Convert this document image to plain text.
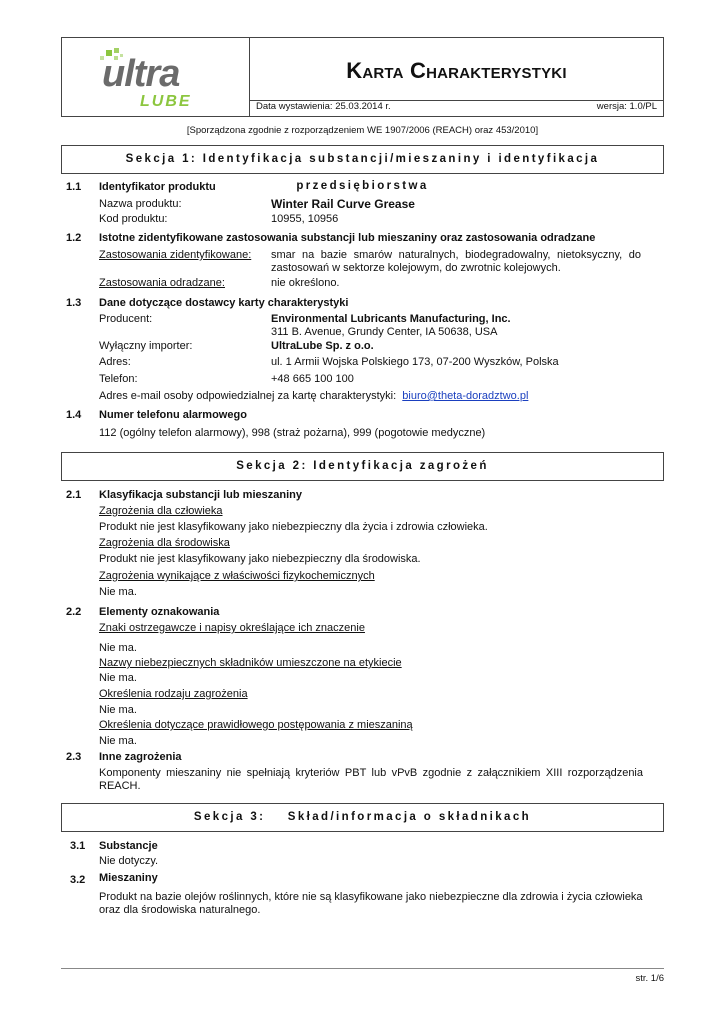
ultra
LUBE
Karta Charakterystyki
Data wystawienia: 25.03.2014 r.	wersja: 1.0/PL
[Sporządzona zgodnie z rozporządzeniem WE 1907/2006 (REACH) oraz 453/2010]
Sekcja 1: Identyfikacja substancji/mieszaniny i identyfikacja przedsiębiorstwa
1.1 Identyfikator produktu
Nazwa produktu:	Winter Rail Curve Grease
Kod produktu:	10955, 10956
1.2 Istotne zidentyfikowane zastosowania substancji lub mieszaniny oraz zastosowania odradzane
Zastosowania zidentyfikowane: smar na bazie smarów naturalnych, biodegradowalny, nietoksyczny, do
zastosowań w sektorze kolejowym, do zwrotnic kolejowych.
Zastosowania odradzane:	nie określono.
1.3 Dane dotyczące dostawcy karty charakterystyki
Producent:	Environmental Lubricants Manufacturing, Inc.
311 B. Avenue, Grundy Center, IA 50638, USA
Wyłączny importer:	UltraLube Sp. z o.o.
Adres:	ul. 1 Armii Wojska Polskiego 173, 07-200 Wyszków, Polska
Telefon:	+48 665 100 100
Adres e-mail osoby odpowiedzialnej za kartę charakterystyki: biuro@theta-doradztwo.pl
1.4 Numer telefonu alarmowego
112 (ogólny telefon alarmowy), 998 (straż pożarna), 999 (pogotowie medyczne)
Sekcja 2: Identyfikacja zagrożeń
2.1 Klasyfikacja substancji lub mieszaniny
Zagrożenia dla człowieka
Produkt nie jest klasyfikowany jako niebezpieczny dla życia i zdrowia człowieka.
Zagrożenia dla środowiska
Produkt nie jest klasyfikowany jako niebezpieczny dla środowiska.
Zagrożenia wynikające z właściwości fizykochemicznych
Nie ma.
2.2 Elementy oznakowania
Znaki ostrzegawcze i napisy określające ich znaczenie
Nie ma.
Nazwy niebezpiecznych składników umieszczone na etykiecie
Nie ma.
Określenia rodzaju zagrożenia
Nie ma.
Określenia dotyczące prawidłowego postępowania z mieszaniną
Nie ma.
2.3 Inne zagrożenia
Komponenty mieszaniny nie spełniają kryteriów PBT lub vPvB zgodnie z załącznikiem XIII rozporządzenia
REACH.
Sekcja 3:    Skład/informacja o składnikach
3.1 Substancje
Nie dotyczy.
3.2 Mieszaniny
Produkt na bazie olejów roślinnych, które nie są klasyfikowane jako niebezpieczne dla zdrowia i życia człowieka
oraz dla środowiska naturalnego.
str. 1/6
